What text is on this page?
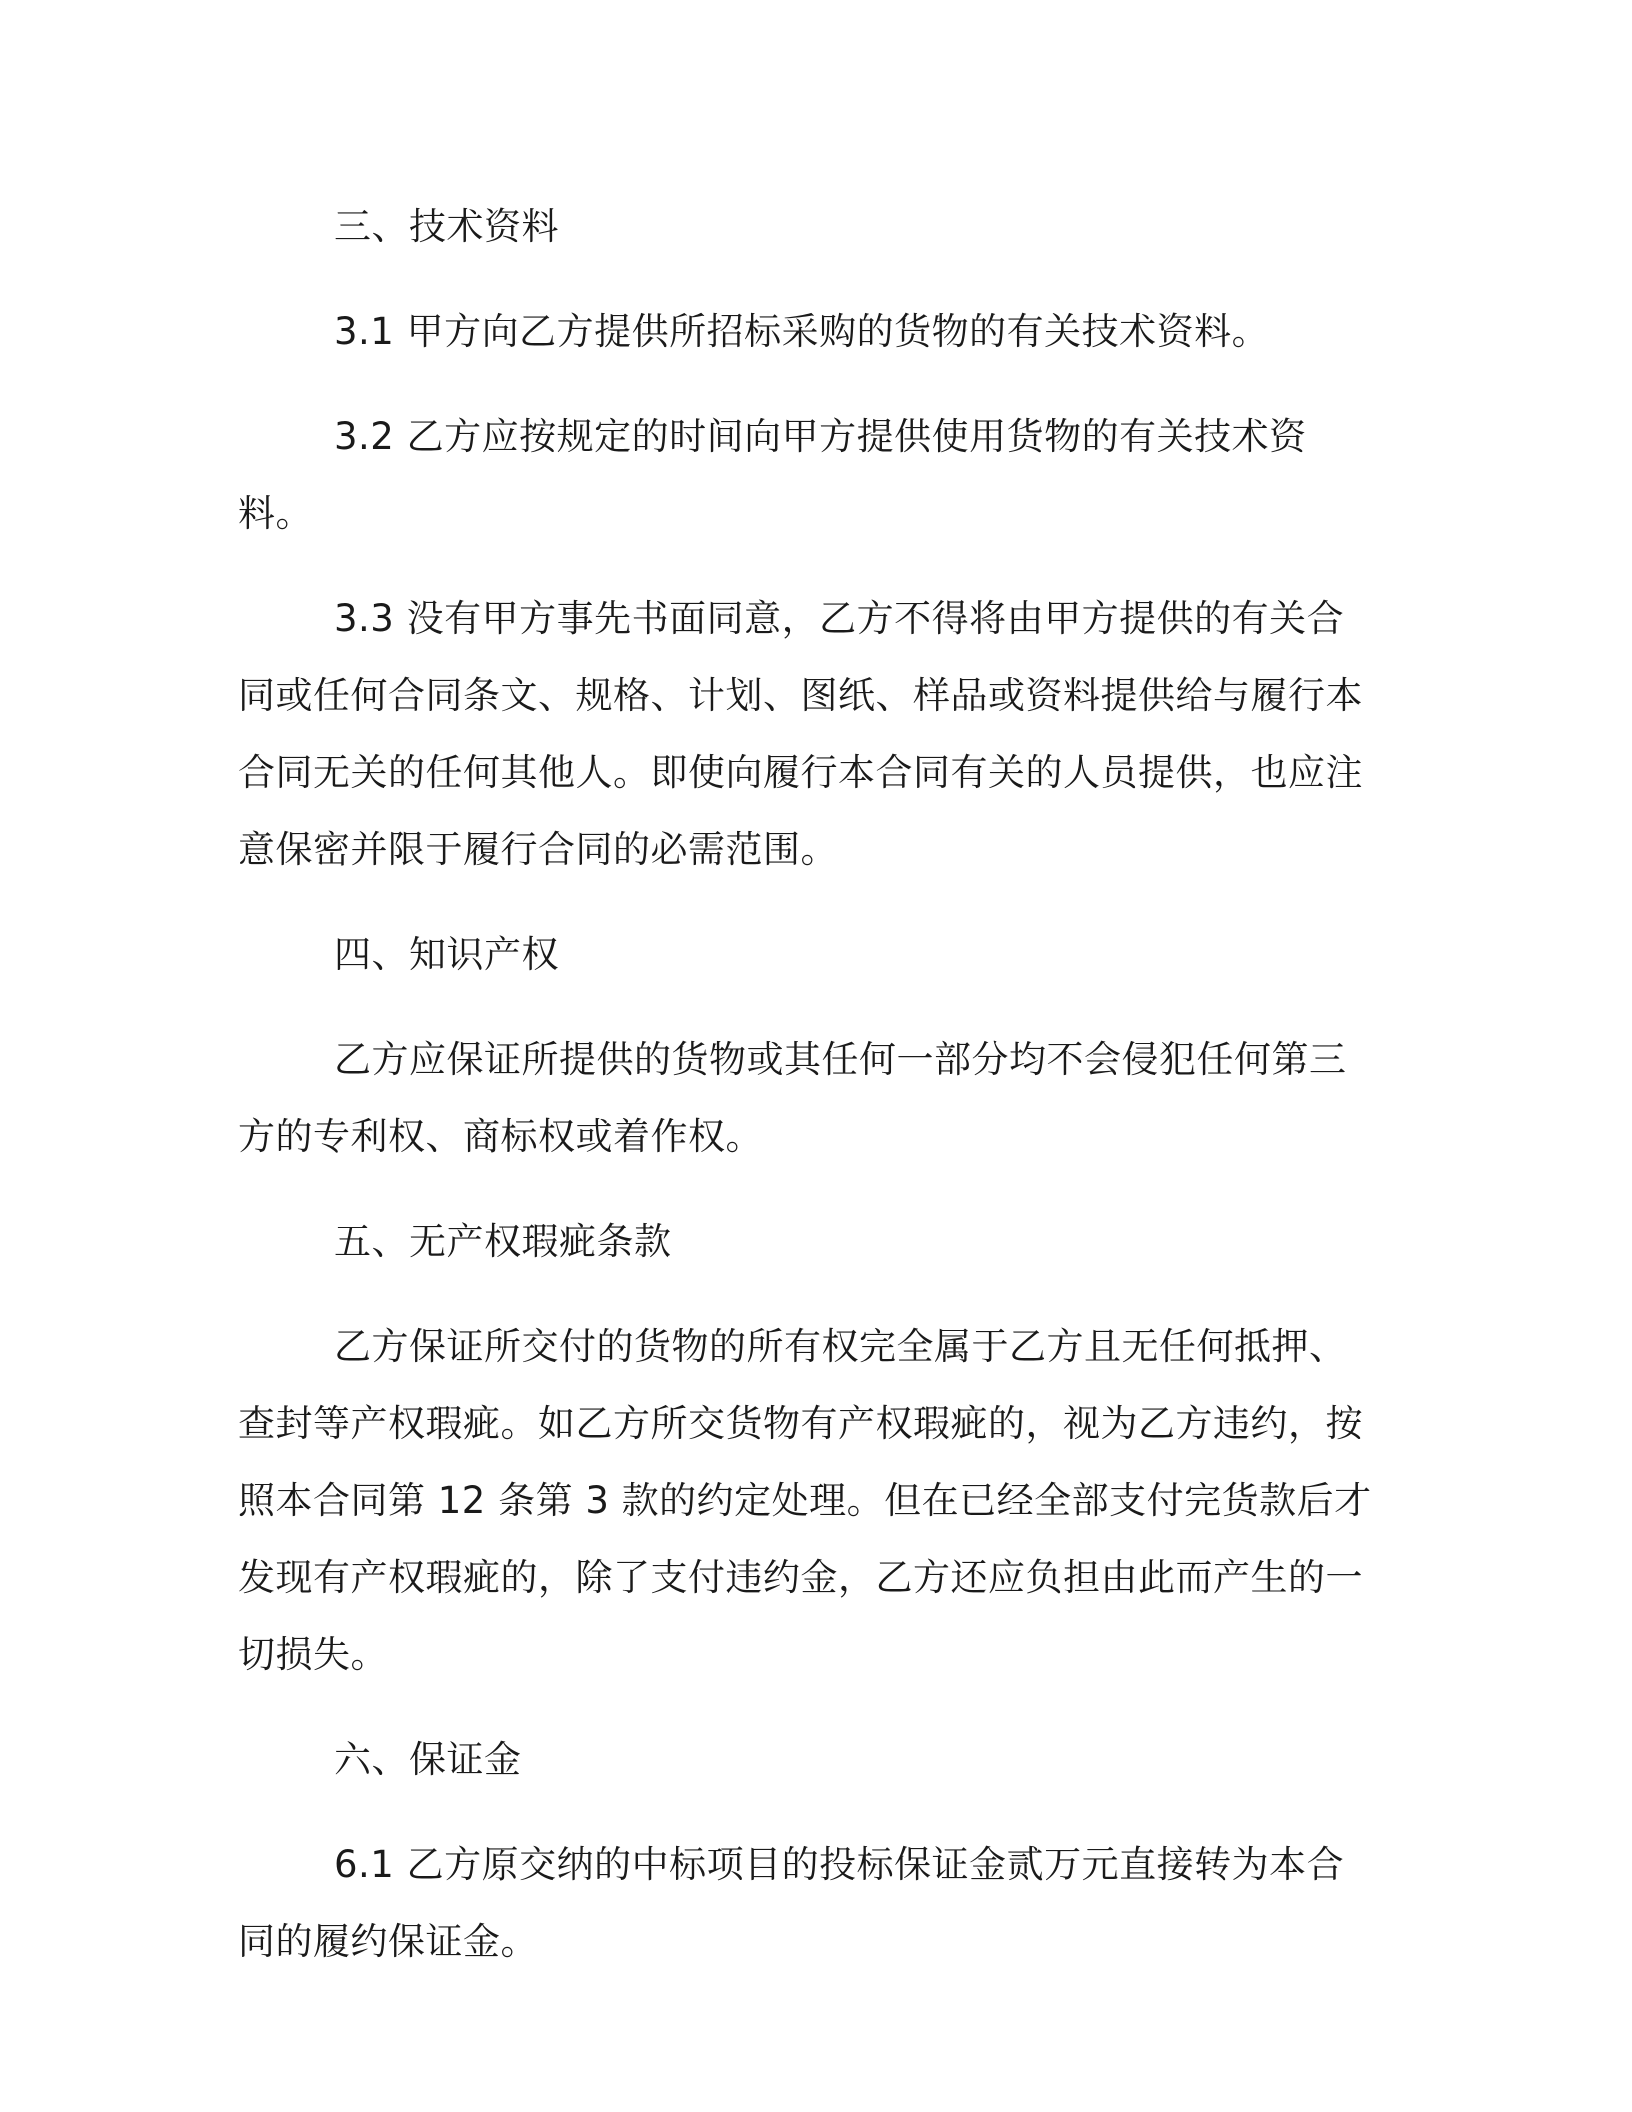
三、技术资料

3.1 甲方向乙方提供所招标采购的货物的有关技术资料。

3.2 乙方应按规定的时间向甲方提供使用货物的有关技术资料。

3.3 没有甲方事先书面同意，乙方不得将由甲方提供的有关合同或任何合同条文、规格、计划、图纸、样品或资料提供给与履行本合同无关的任何其他人。即使向履行本合同有关的人员提供，也应注意保密并限于履行合同的必需范围。

四、知识产权

乙方应保证所提供的货物或其任何一部分均不会侵犯任何第三方的专利权、商标权或着作权。

五、无产权瑕疵条款

乙方保证所交付的货物的所有权完全属于乙方且无任何抵押、查封等产权瑕疵。如乙方所交货物有产权瑕疵的，视为乙方违约，按照本合同第 12 条第 3 款的约定处理。但在已经全部支付完货款后才发现有产权瑕疵的，除了支付违约金，乙方还应负担由此而产生的一切损失。

六、保证金

6.1 乙方原交纳的中标项目的投标保证金贰万元直接转为本合同的履约保证金。
